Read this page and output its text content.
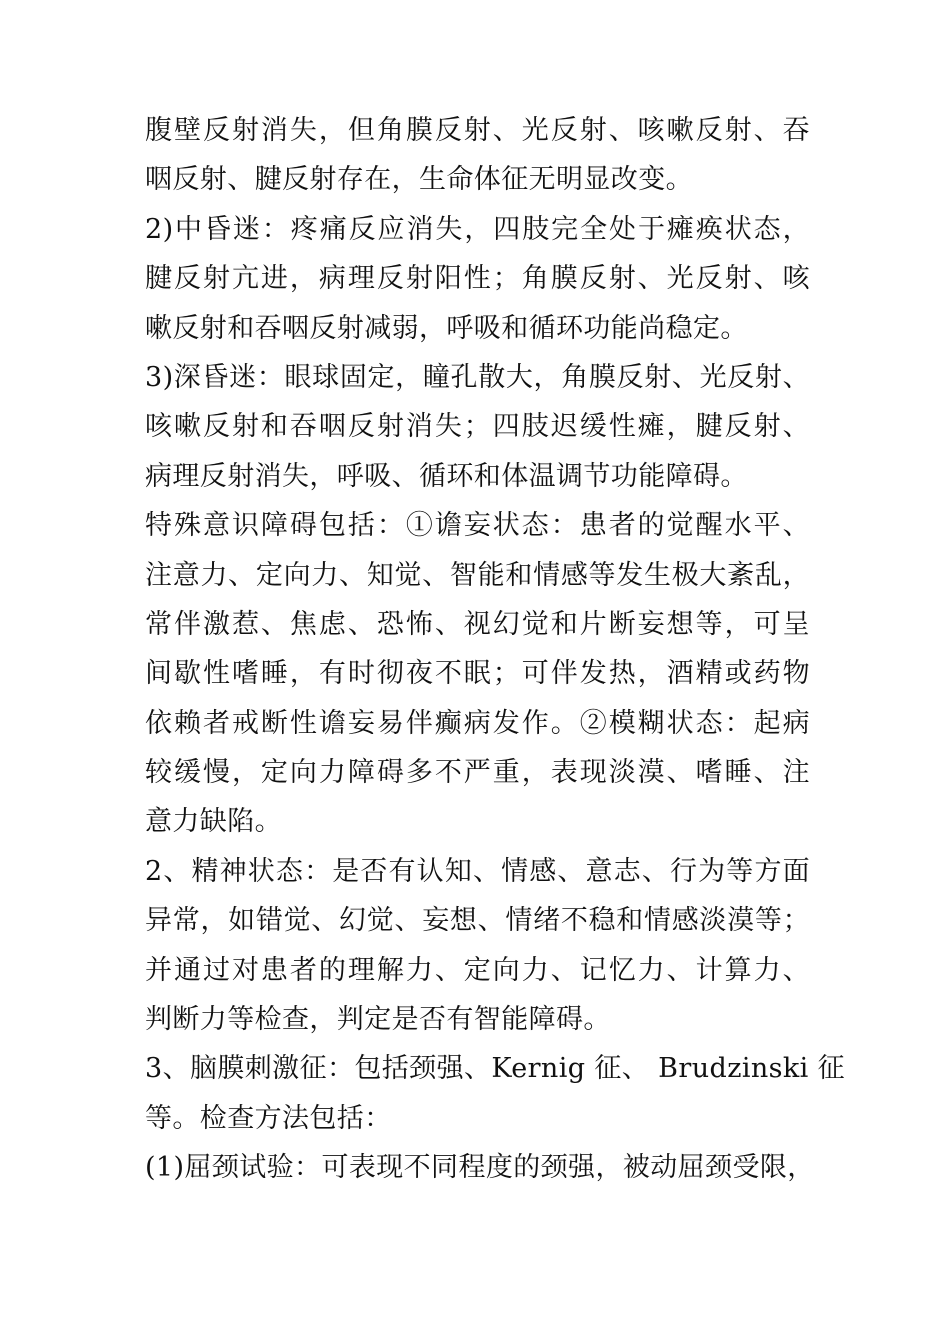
腹壁反射消失，但角膜反射、光反射、咳嗽反射、吞
咽反射、腱反射存在，生命体征无明显改变。
2)中昏迷：疼痛反应消失，四肢完全处于瘫痪状态，
腱反射亢进，病理反射阳性；角膜反射、光反射、咳
嗽反射和吞咽反射减弱，呼吸和循环功能尚稳定。
3)深昏迷：眼球固定，瞳孔散大，角膜反射、光反射、
咳嗽反射和吞咽反射消失；四肢迟缓性瘫，腱反射、
病理反射消失，呼吸、循环和体温调节功能障碍。
特殊意识障碍包括：①谵妄状态：患者的觉醒水平、
注意力、定向力、知觉、智能和情感等发生极大紊乱，
常伴激惹、焦虑、恐怖、视幻觉和片断妄想等，可呈
间歇性嗜睡，有时彻夜不眠；可伴发热，酒精或药物
依赖者戒断性谵妄易伴癫病发作。②模糊状态：起病
较缓慢，定向力障碍多不严重，表现淡漠、嗜睡、注
意力缺陷。
2、精神状态：是否有认知、情感、意志、行为等方面
异常，如错觉、幻觉、妄想、情绪不稳和情感淡漠等；
并通过对患者的理解力、定向力、记忆力、计算力、
判断力等检查，判定是否有智能障碍。
3、脑膜刺激征：包括颈强、Kernig 征、 Brudzinski 征
等。检查方法包括：
(1)屈颈试验：可表现不同程度的颈强，被动屈颈受限，
